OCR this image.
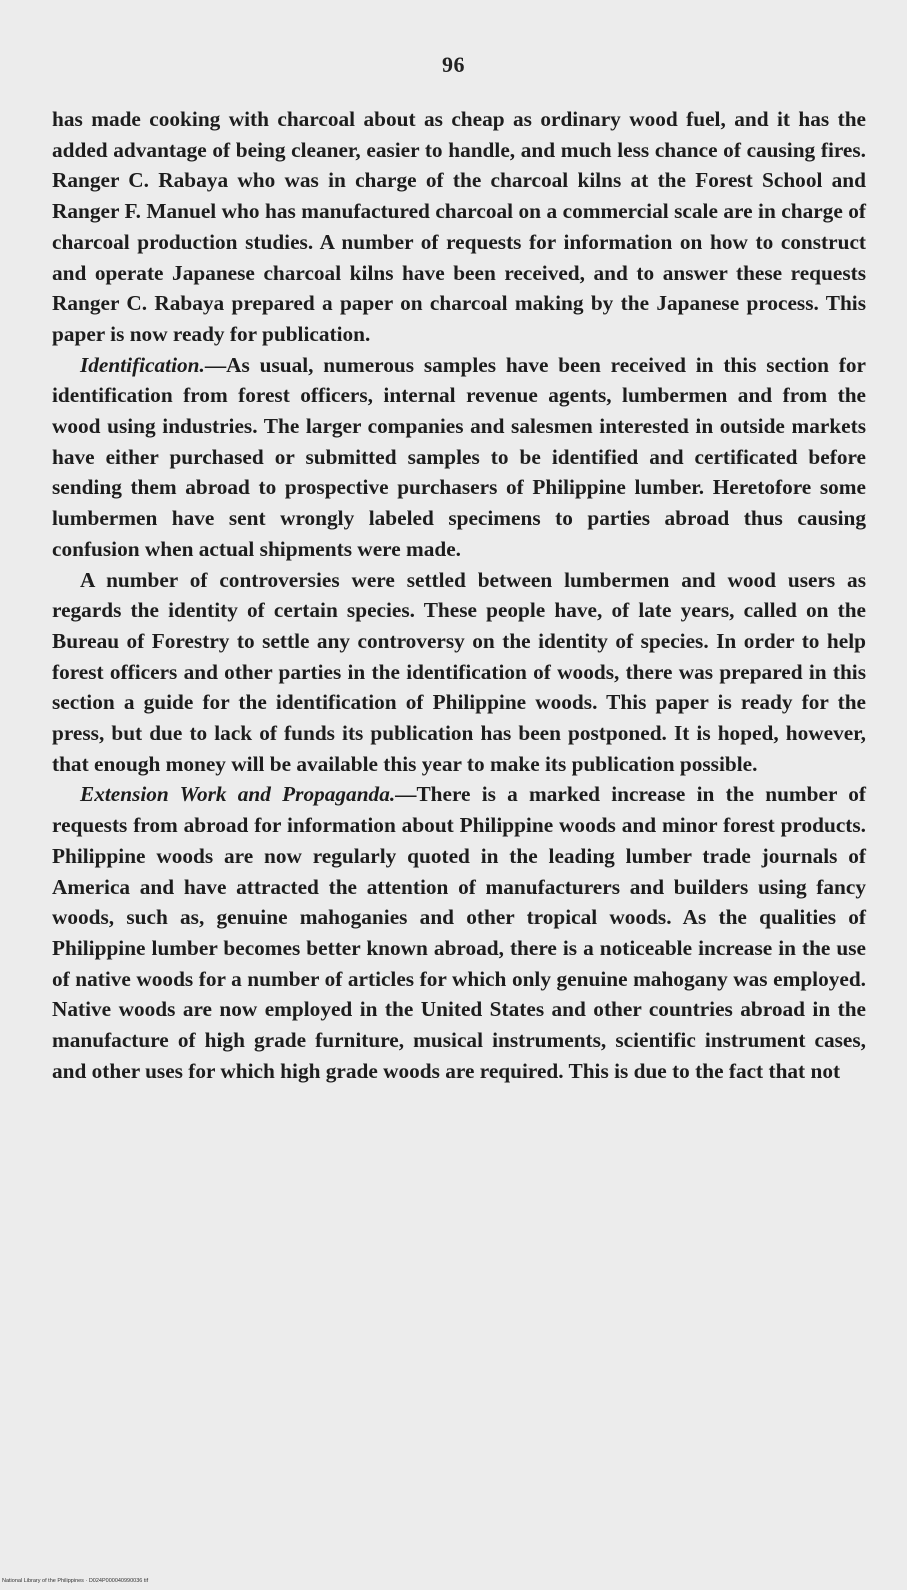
96

has made cooking with charcoal about as cheap as ordinary wood fuel, and it has the added advantage of being cleaner, easier to handle, and much less chance of causing fires. Ranger C. Rabaya who was in charge of the charcoal kilns at the Forest School and Ranger F. Manuel who has manufactured charcoal on a commercial scale are in charge of charcoal production studies. A number of requests for information on how to construct and operate Japanese charcoal kilns have been received, and to answer these requests Ranger C. Rabaya prepared a paper on charcoal making by the Japanese process. This paper is now ready for publication.

Identification.—As usual, numerous samples have been received in this section for identification from forest officers, internal revenue agents, lumbermen and from the wood using industries. The larger companies and salesmen interested in outside markets have either purchased or submitted samples to be identified and certificated before sending them abroad to prospective purchasers of Philippine lumber. Heretofore some lumbermen have sent wrongly labeled specimens to parties abroad thus causing confusion when actual shipments were made.

A number of controversies were settled between lumbermen and wood users as regards the identity of certain species. These people have, of late years, called on the Bureau of Forestry to settle any controversy on the identity of species. In order to help forest officers and other parties in the identification of woods, there was prepared in this section a guide for the identification of Philippine woods. This paper is ready for the press, but due to lack of funds its publication has been postponed. It is hoped, however, that enough money will be available this year to make its publication possible.

Extension Work and Propaganda.—There is a marked increase in the number of requests from abroad for information about Philippine woods and minor forest products. Philippine woods are now regularly quoted in the leading lumber trade journals of America and have attracted the attention of manufacturers and builders using fancy woods, such as, genuine mahoganies and other tropical woods. As the qualities of Philippine lumber becomes better known abroad, there is a noticeable increase in the use of native woods for a number of articles for which only genuine mahogany was employed. Native woods are now employed in the United States and other countries abroad in the manufacture of high grade furniture, musical instruments, scientific instrument cases, and other uses for which high grade woods are required. This is due to the fact that not

National Library of the Philippines · D024P000040990036 tif
